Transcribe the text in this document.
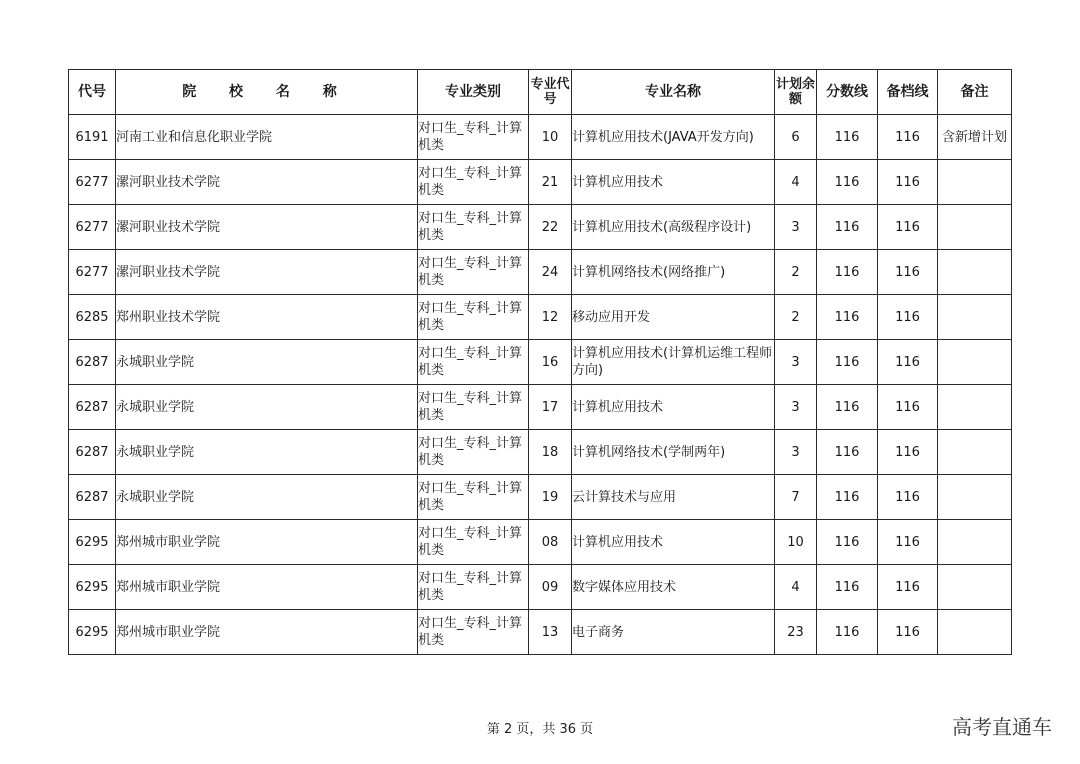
代号	院 校 名 称	专业类别	专业代号	专业名称	计划余额	分数线	备档线	备注
6191	河南工业和信息化职业学院	对口生_专科_计算机类	10	计算机应用技术(JAVA开发方向)	6	116	116	含新增计划
6277	漯河职业技术学院	对口生_专科_计算机类	21	计算机应用技术	4	116	116	
6277	漯河职业技术学院	对口生_专科_计算机类	22	计算机应用技术(高级程序设计)	3	116	116	
6277	漯河职业技术学院	对口生_专科_计算机类	24	计算机网络技术(网络推广)	2	116	116	
6285	郑州职业技术学院	对口生_专科_计算机类	12	移动应用开发	2	116	116	
6287	永城职业学院	对口生_专科_计算机类	16	计算机应用技术(计算机运维工程师方向)	3	116	116	
6287	永城职业学院	对口生_专科_计算机类	17	计算机应用技术	3	116	116	
6287	永城职业学院	对口生_专科_计算机类	18	计算机网络技术(学制两年)	3	116	116	
6287	永城职业学院	对口生_专科_计算机类	19	云计算技术与应用	7	116	116	
6295	郑州城市职业学院	对口生_专科_计算机类	08	计算机应用技术	10	116	116	
6295	郑州城市职业学院	对口生_专科_计算机类	09	数字媒体应用技术	4	116	116	
6295	郑州城市职业学院	对口生_专科_计算机类	13	电子商务	23	116	116	
第 2 页，共 36 页	高考直通车
